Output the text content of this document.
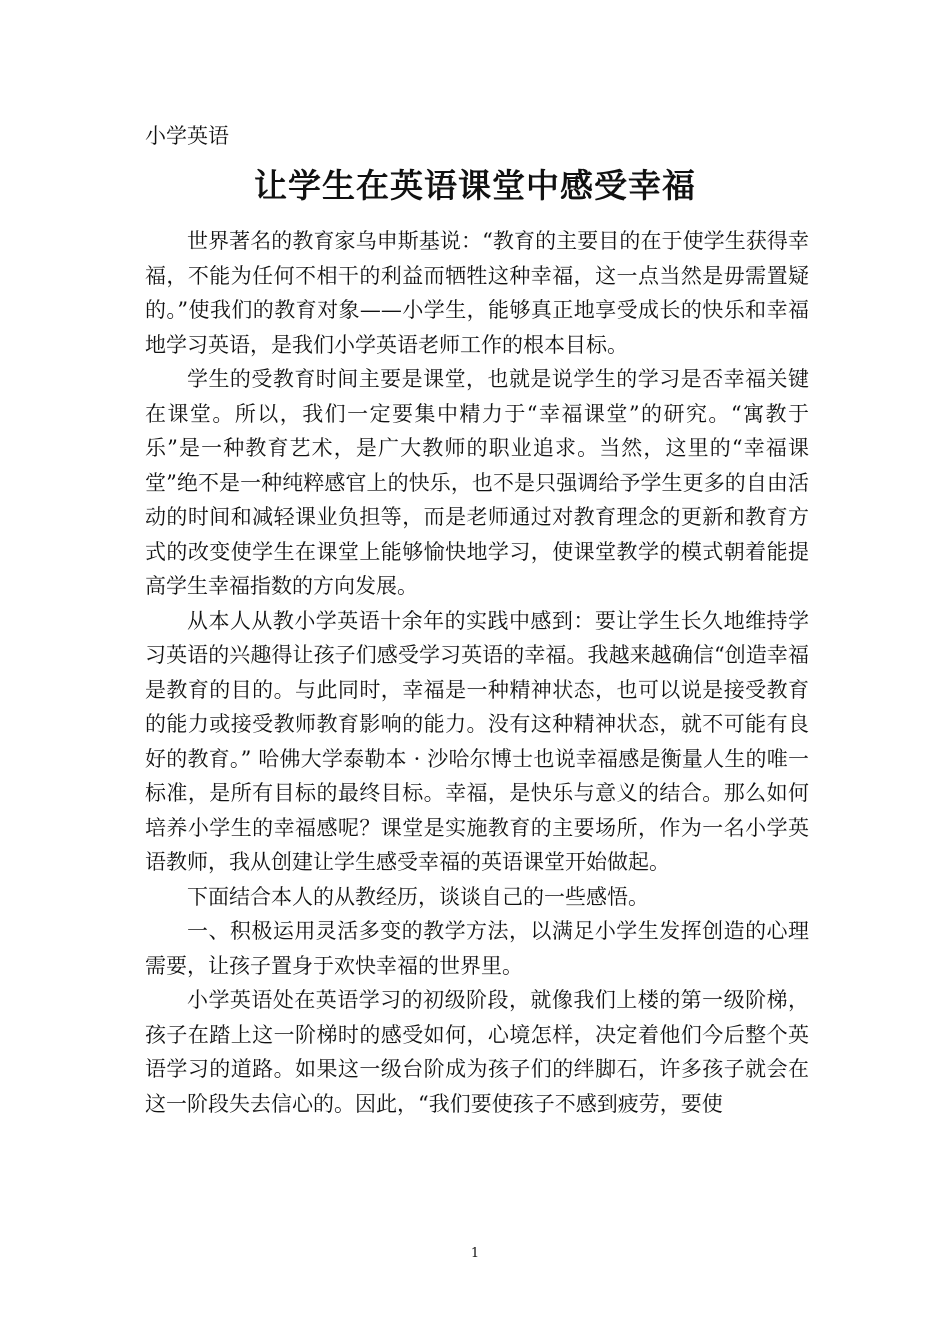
小学英语
让学生在英语课堂中感受幸福

世界著名的教育家乌申斯基说：“教育的主要目的在于使学生获得幸福，不能为任何不相干的利益而牺牲这种幸福，这一点当然是毋需置疑的。”使我们的教育对象——小学生，能够真正地享受成长的快乐和幸福地学习英语，是我们小学英语老师工作的根本目标。

学生的受教育时间主要是课堂，也就是说学生的学习是否幸福关键在课堂。所以，我们一定要集中精力于“幸福课堂”的研究。“寓教于乐”是一种教育艺术，是广大教师的职业追求。当然，这里的“幸福课堂”绝不是一种纯粹感官上的快乐，也不是只强调给予学生更多的自由活动的时间和减轻课业负担等，而是老师通过对教育理念的更新和教育方式的改变使学生在课堂上能够愉快地学习，使课堂教学的模式朝着能提高学生幸福指数的方向发展。

从本人从教小学英语十余年的实践中感到：要让学生长久地维持学习英语的兴趣得让孩子们感受学习英语的幸福。我越来越确信“创造幸福是教育的目的。与此同时，幸福是一种精神状态，也可以说是接受教育的能力或接受教师教育影响的能力。没有这种精神状态，就不可能有良好的教育。” 哈佛大学泰勒本 · 沙哈尔博士也说幸福感是衡量人生的唯一标准，是所有目标的最终目标。幸福，是快乐与意义的结合。那么如何培养小学生的幸福感呢？课堂是实施教育的主要场所，作为一名小学英语教师，我从创建让学生感受幸福的英语课堂开始做起。

下面结合本人的从教经历，谈谈自己的一些感悟。

一、积极运用灵活多变的教学方法，以满足小学生发挥创造的心理需要，让孩子置身于欢快幸福的世界里。

小学英语处在英语学习的初级阶段，就像我们上楼的第一级阶梯，孩子在踏上这一阶梯时的感受如何，心境怎样，决定着他们今后整个英语学习的道路。如果这一级台阶成为孩子们的绊脚石，许多孩子就会在这一阶段失去信心的。因此，“我们要使孩子不感到疲劳，要使

1
